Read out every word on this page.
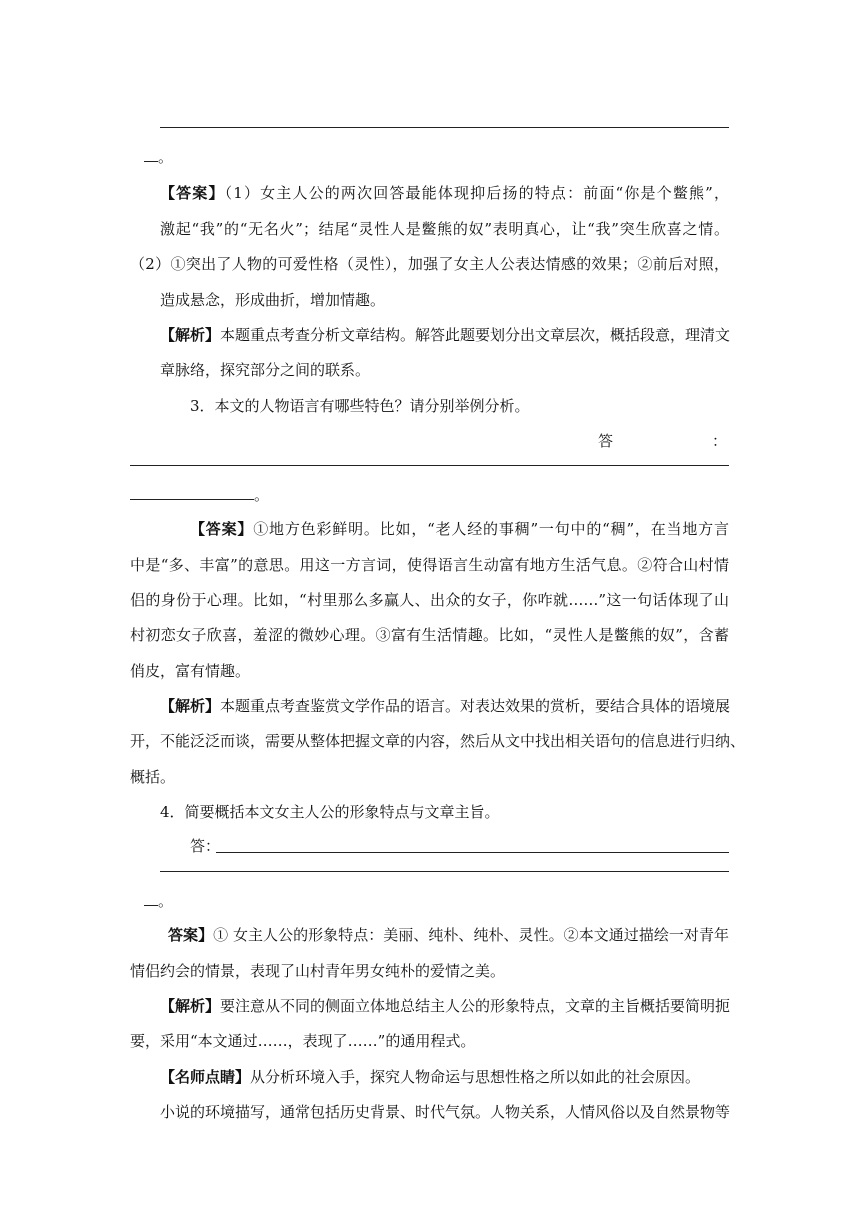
。
【答案】（1）女主人公的两次回答最能体现抑后扬的特点：前面“你是个鳖熊”，
激起“我”的“无名火”；结尾“灵性人是鳖熊的奴”表明真心，让“我”突生欣喜之情。
（2）①突出了人物的可爱性格（灵性），加强了女主人公表达情感的效果；②前后对照，
造成悬念，形成曲折，增加情趣。
【解析】本题重点考查分析文章结构。解答此题要划分出文章层次，概括段意，理清文
章脉络，探究部分之间的联系。
3．本文的人物语言有哪些特色？请分别举例分析。
答	：
。
【答案】①地方色彩鲜明。比如，“老人经的事稠”一句中的“稠”，在当地方言
中是“多、丰富”的意思。用这一方言词，使得语言生动富有地方生活气息。②符合山村情
侣的身份于心理。比如，“村里那么多赢人、出众的女子，你咋就……”这一句话体现了山
村初恋女子欣喜，羞涩的微妙心理。③富有生活情趣。比如，“灵性人是鳖熊的奴”，含蓄
俏皮，富有情趣。
【解析】本题重点考查鉴赏文学作品的语言。对表达效果的赏析，要结合具体的语境展
开，不能泛泛而谈，需要从整体把握文章的内容，然后从文中找出相关语句的信息进行归纳、
概括。
4．简要概括本文女主人公的形象特点与文章主旨。
答：
。
答案】① 女主人公的形象特点：美丽、纯朴、纯朴、灵性。②本文通过描绘一对青年
情侣约会的情景，表现了山村青年男女纯朴的爱情之美。
【解析】要注意从不同的侧面立体地总结主人公的形象特点，文章的主旨概括要简明扼
要，采用“本文通过……，表现了……”的通用程式。
【名师点睛】从分析环境入手，探究人物命运与思想性格之所以如此的社会原因。
小说的环境描写，通常包括历史背景、时代气氛。人物关系，人情风俗以及自然景物等
